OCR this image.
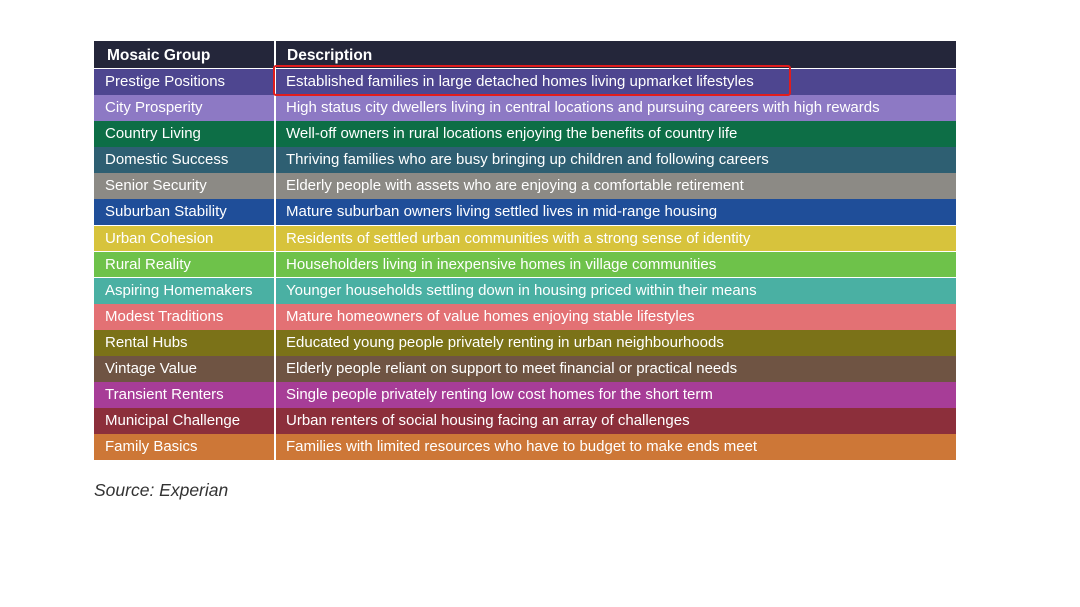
Mosaic Group	Description
Prestige Positions	Established families in large detached homes living upmarket lifestyles
City Prosperity	High status city dwellers living in central locations and pursuing careers with high rewards
Country Living	Well-off owners in rural locations enjoying the benefits of country life
Domestic Success	Thriving families who are busy bringing up children and following careers
Senior Security	Elderly people with assets who are enjoying a comfortable retirement
Suburban Stability	Mature suburban owners living settled lives in mid-range housing
Urban Cohesion	Residents of settled urban communities with a strong sense of identity
Rural Reality	Householders living in inexpensive homes in village communities
Aspiring Homemakers	Younger households settling down in housing priced within their means
Modest Traditions	Mature homeowners of value homes enjoying stable lifestyles
Rental Hubs	Educated young people privately renting in urban neighbourhoods
Vintage Value	Elderly people reliant on support to meet financial or practical needs
Transient Renters	Single people privately renting low cost homes for the short term
Municipal Challenge	Urban renters of social housing facing an array of challenges
Family Basics	Families with limited resources who have to budget to make ends meet
Source: Experian
